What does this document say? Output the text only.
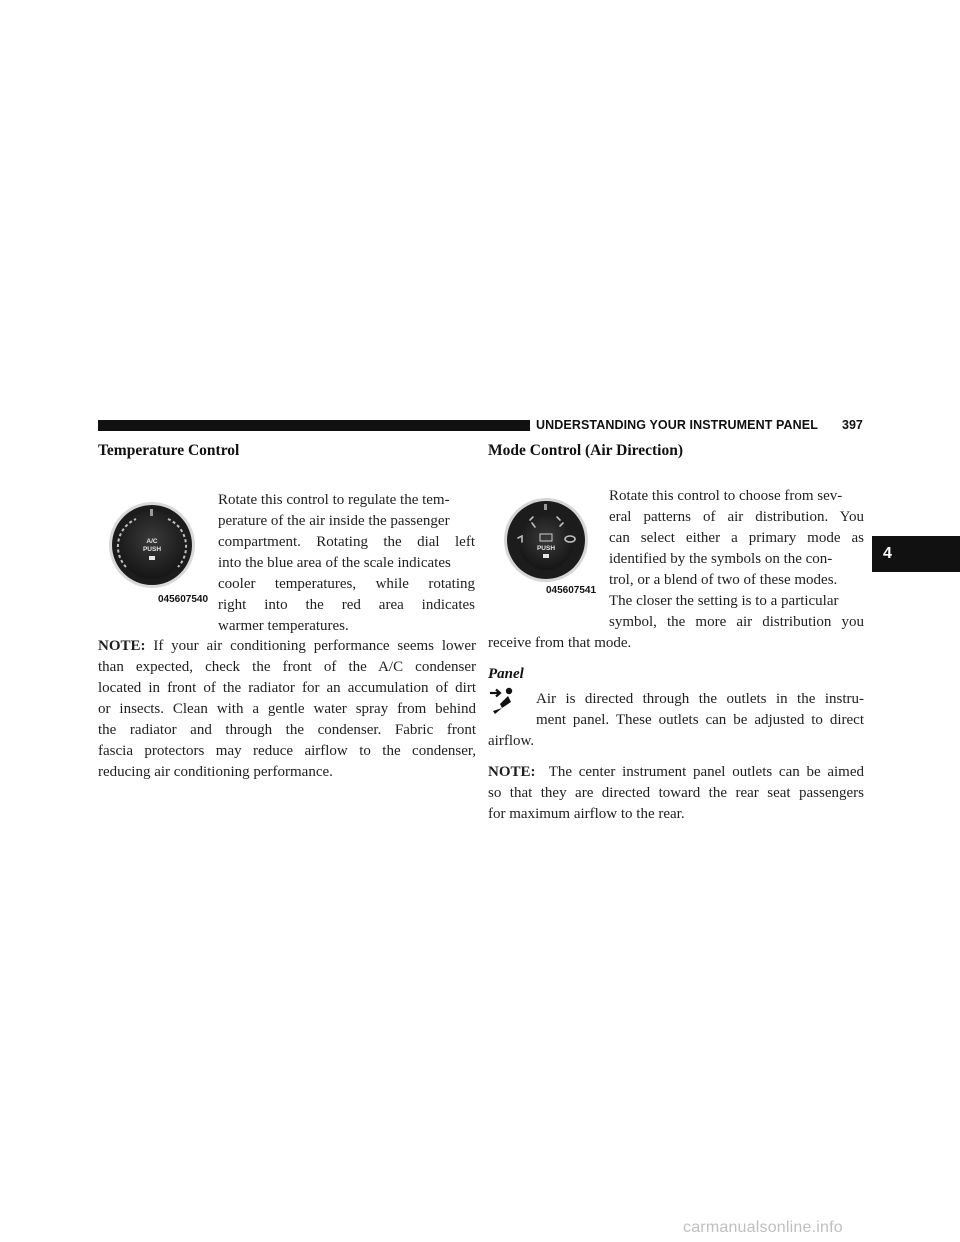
UNDERSTANDING YOUR INSTRUMENT PANEL 397
4
Temperature Control
A/C
PUSH
045607540
Rotate this control to regulate the tem-
perature of the air inside the passenger
compartment. Rotating the dial left
into the blue area of the scale indicates
cooler temperatures, while rotating
right into the red area indicates
warmer temperatures.
NOTE: If your air conditioning performance seems lower
than expected, check the front of the A/C condenser
located in front of the radiator for an accumulation of dirt
or insects. Clean with a gentle water spray from behind
the radiator and through the condenser. Fabric front
fascia protectors may reduce airflow to the condenser,
reducing air conditioning performance.
Mode Control (Air Direction)
PUSH
045607541
Rotate this control to choose from sev-
eral patterns of air distribution. You
can select either a primary mode as
identified by the symbols on the con-
trol, or a blend of two of these modes.
The closer the setting is to a particular
symbol, the more air distribution you
receive from that mode.
Panel
Air is directed through the outlets in the instru-
ment panel. These outlets can be adjusted to direct
airflow.
NOTE:  The center instrument panel outlets can be aimed
so that they are directed toward the rear seat passengers
for maximum airflow to the rear.
carmanualsonline.info
